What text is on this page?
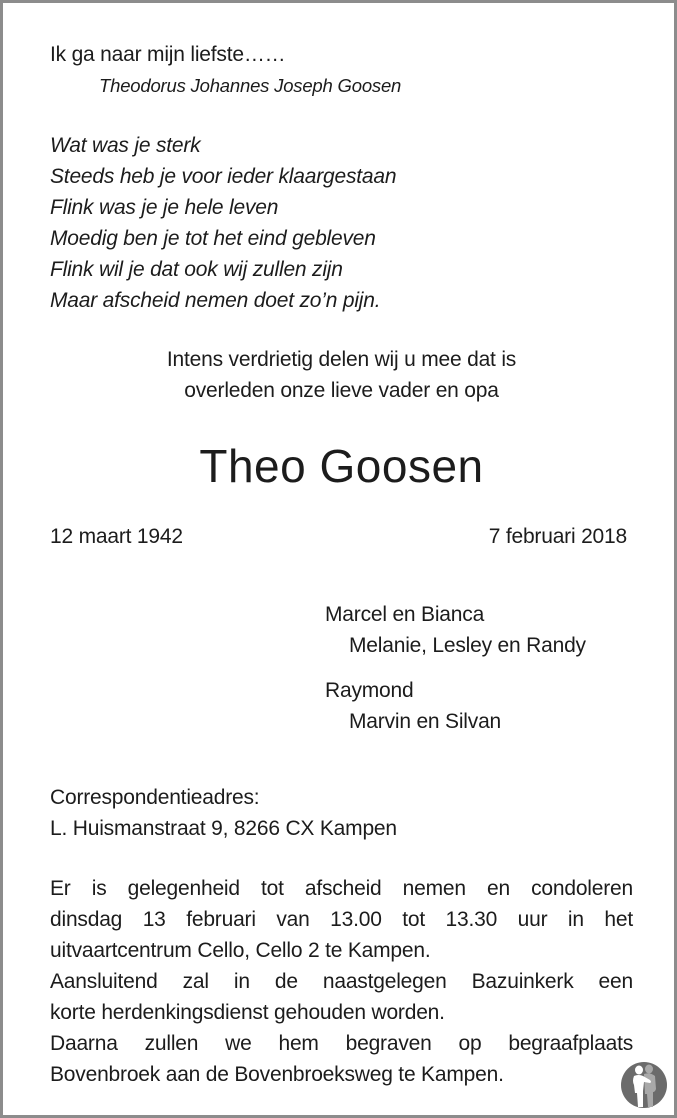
Ik ga naar mijn liefste……
Theodorus Johannes Joseph Goosen
Wat was je sterk
Steeds heb je voor ieder klaargestaan
Flink was je je hele leven
Moedig ben je tot het eind gebleven
Flink wil je dat ook wij zullen zijn
Maar afscheid nemen doet zo’n pijn.
Intens verdrietig delen wij u mee dat is
overleden onze lieve vader en opa
Theo Goosen
12 maart 1942	7 februari 2018
Marcel en Bianca
Melanie, Lesley en Randy
Raymond
Marvin en Silvan
Correspondentieadres:
L. Huismanstraat 9, 8266 CX Kampen
Er is gelegenheid tot afscheid nemen en condoleren
dinsdag 13 februari van 13.00 tot 13.30 uur in het
uitvaartcentrum Cello, Cello 2 te Kampen.
Aansluitend zal in de naastgelegen Bazuinkerk een
korte herdenkingsdienst gehouden worden.
Daarna zullen we hem begraven op begraafplaats
Bovenbroek aan de Bovenbroeksweg te Kampen.
